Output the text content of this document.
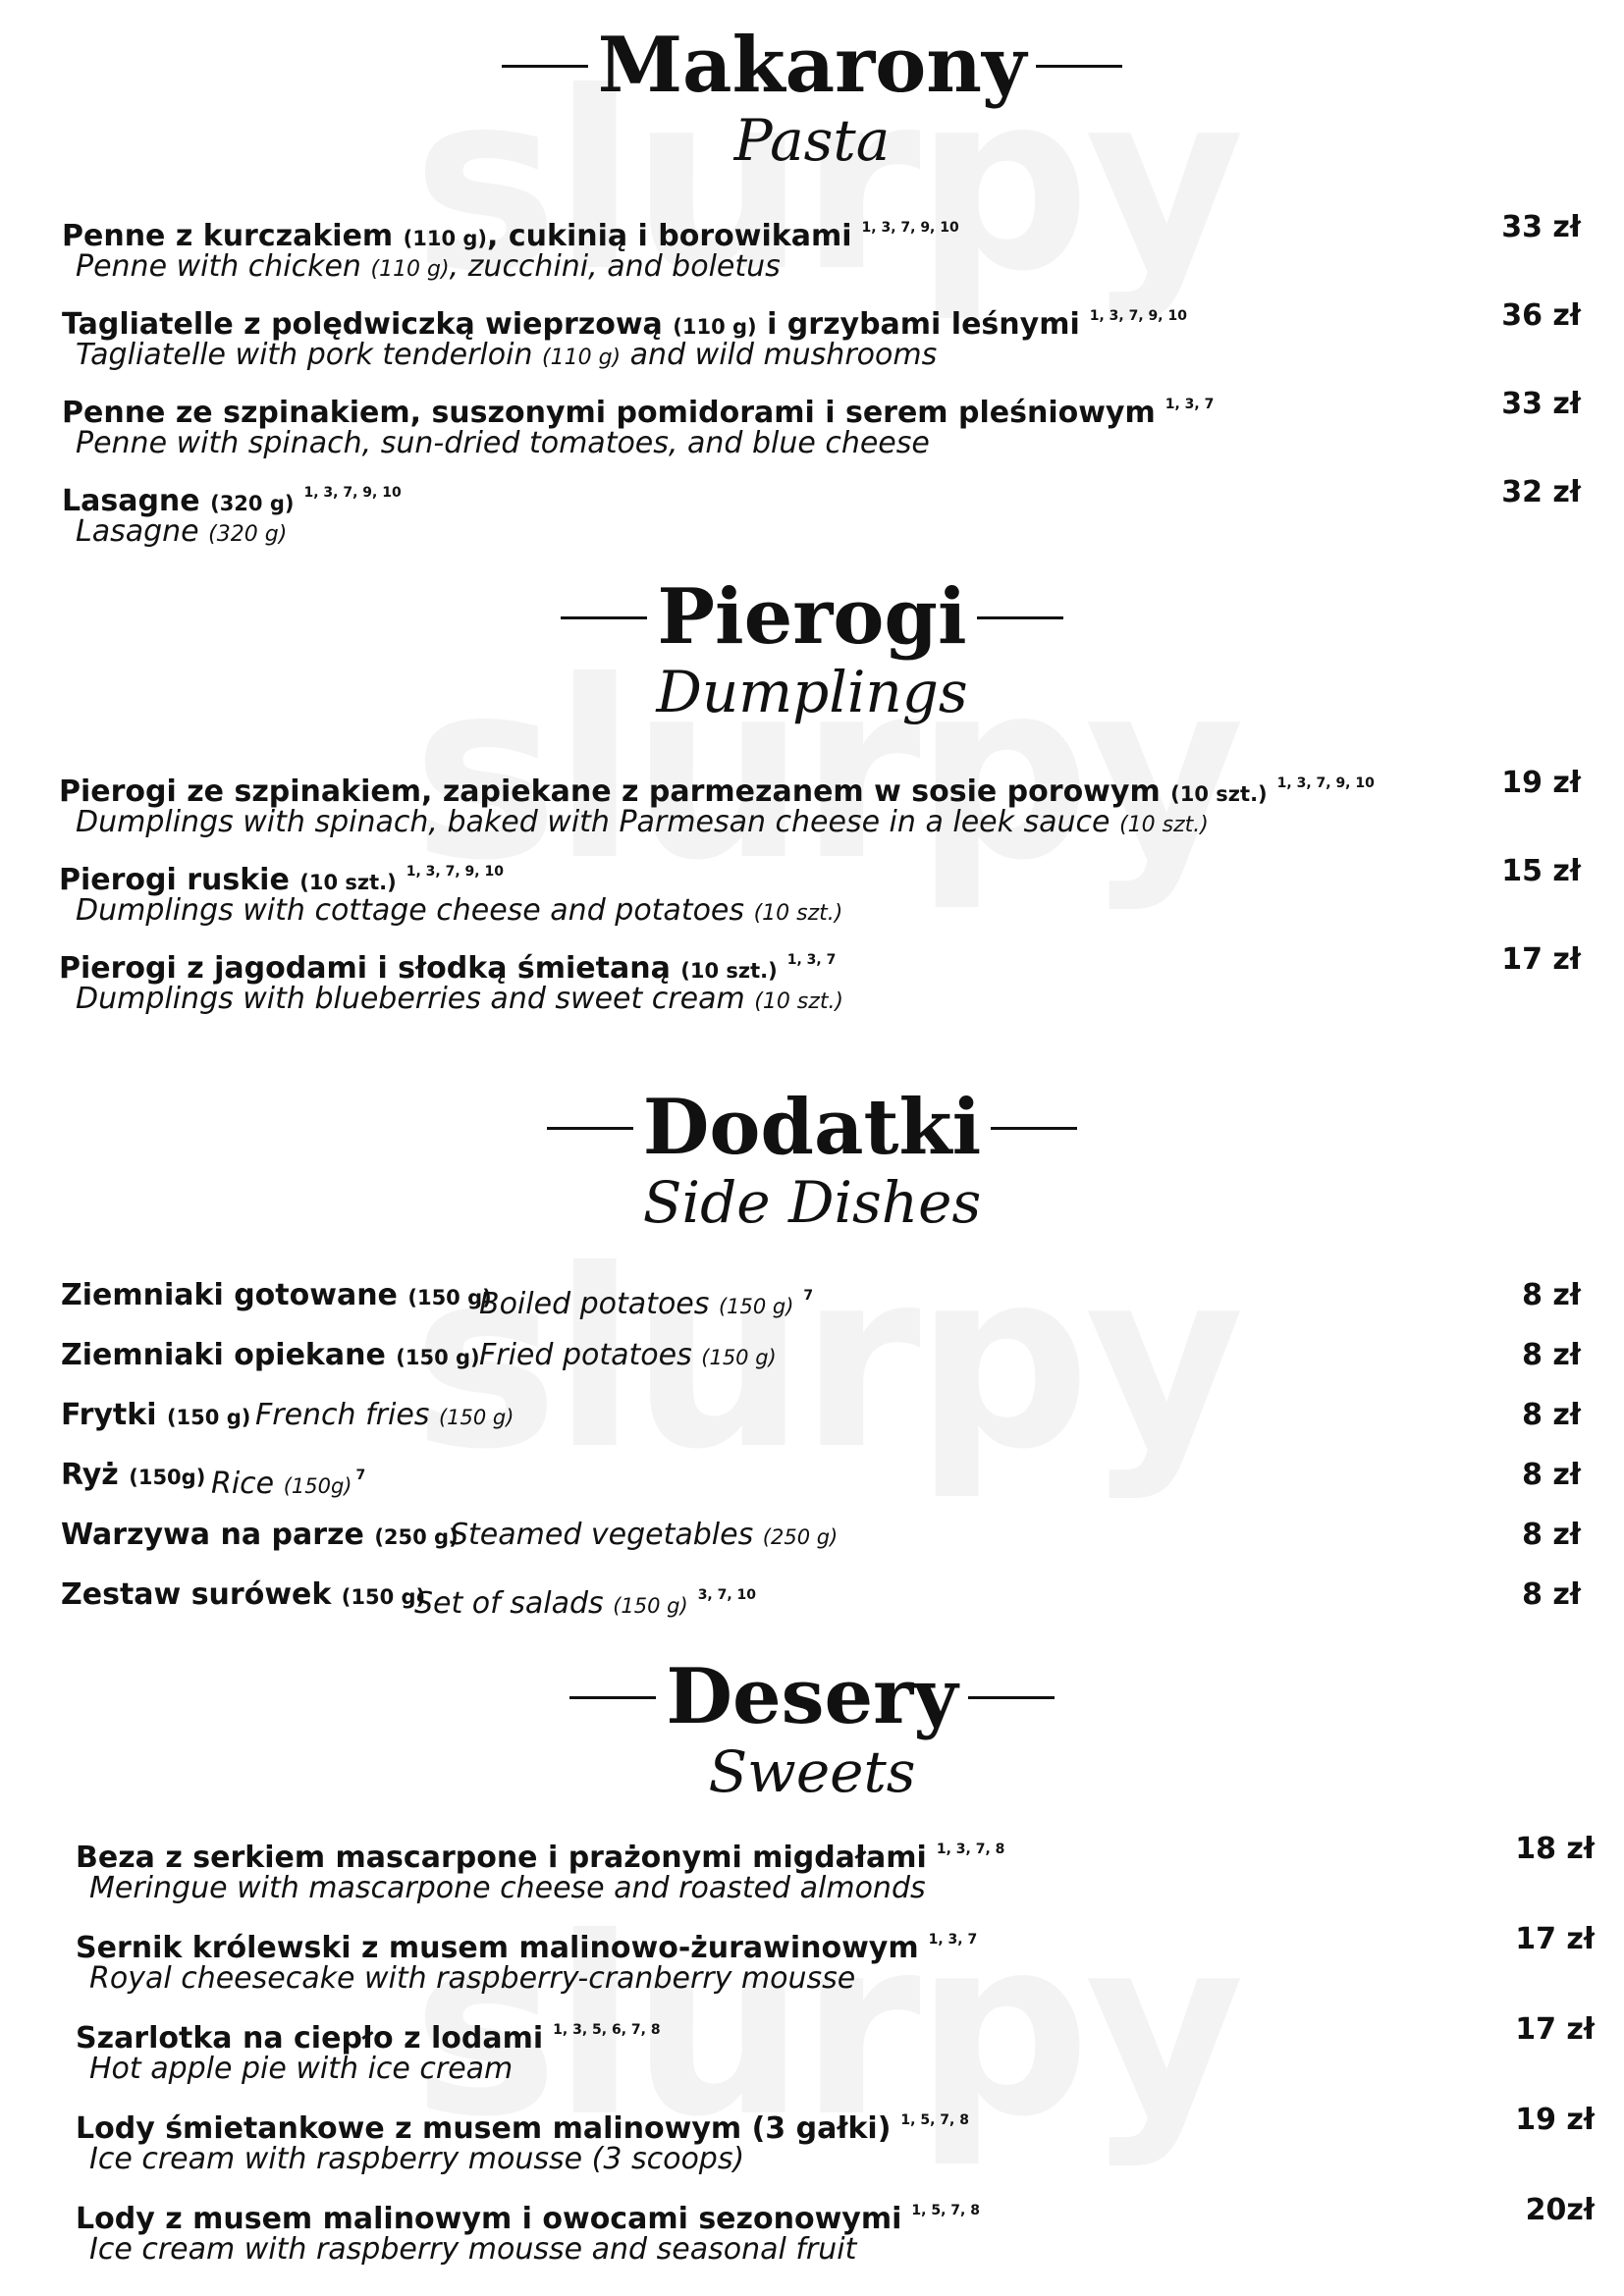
Makarony
Pasta
Penne z kurczakiem (110 g), cukinią i borowikami $^{1, 3, 7, 9, 10}$
Penne with chicken (110 g), zucchini, and boletus
33 zł
Tagliatelle z polędwiczką wieprzową (110 g) i grzybami leśnymi $^{1, 3, 7, 9, 10}$
Tagliatelle with pork tenderloin (110 g) and wild mushrooms
36 zł
Penne ze szpinakiem, suszonymi pomidorami i serem pleśniowym $^{1, 3, 7}$
Penne with spinach, sun-dried tomatoes, and blue cheese
33 zł
Lasagne (320 g) $^{1, 3, 7, 9, 10}$
Lasagne (320 g)
32 zł
Pierogi
Dumplings
Pierogi ze szpinakiem, zapiekane z parmezanem w sosie porowym (10 szt.) $^{1, 3, 7, 9, 10}$
Dumplings with spinach, baked with Parmesan cheese in a leek sauce (10 szt.)
19 zł
Pierogi ruskie (10 szt.) $^{1, 3, 7, 9, 10}$
Dumplings with cottage cheese and potatoes (10 szt.)
15 zł
Pierogi z jagodami i słodką śmietaną (10 szt.) $^{1, 3, 7}$
Dumplings with blueberries and sweet cream (10 szt.)
17 zł
Dodatki
Side Dishes
Ziemniaki gotowane (150 g)
Boiled potatoes (150 g) $^7$	8 zł
Ziemniaki opiekane (150 g) Fried potatoes (150 g)	8 zł
Frytki (150 g) French fries (150 g)	8 zł
Ryż (150g) Rice (150g) $^7$	8 zł
Warzywa na parze (250 g)
Steamed vegetables (250 g)	8 zł
Zestaw surówek (150 g)
Set of salads (150 g) $^{3, 7, 10}$	8 zł
Desery
Sweets
Beza z serkiem mascarpone i prażonymi migdałami $^{1, 3, 7, 8}$
Meringue with mascarpone cheese and roasted almonds
18 zł
Sernik królewski z musem malinowo-żurawinowym $^{1, 3, 7}$
Royal cheesecake with raspberry-cranberry mousse
17 zł
Szarlotka na ciepło z lodami $^{1, 3, 5, 6, 7, 8}$
Hot apple pie with ice cream
17 zł
Lody śmietankowe z musem malinowym (3 gałki) $^{1, 5, 7, 8}$
Ice cream with raspberry mousse (3 scoops)
19 zł
Lody z musem malinowym i owocami sezonowymi $^{1, 5, 7, 8}$
Ice cream with raspberry mousse and seasonal fruit
20zł
